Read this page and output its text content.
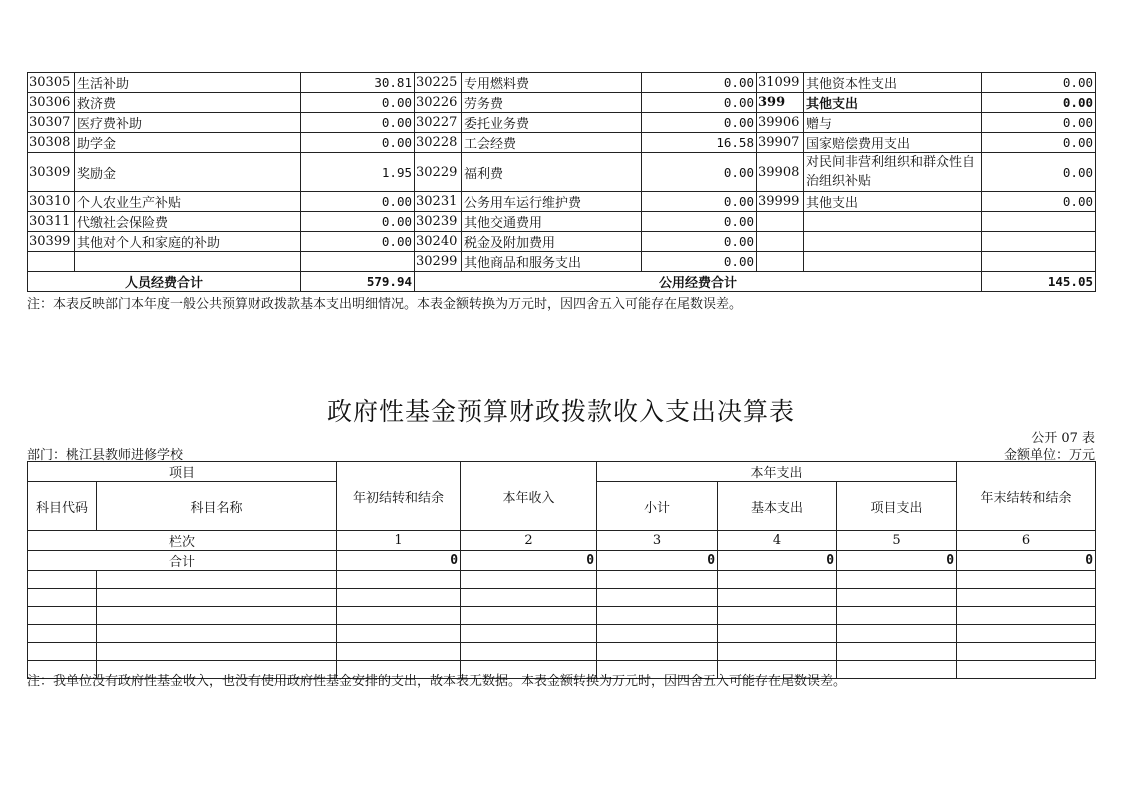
30305	生活补助	30.81	30225	专用燃料费	0.00	31099	其他资本性支出	0.00
30306	救济费	0.00	30226	劳务费	0.00	399	其他支出	0.00
30307	医疗费补助	0.00	30227	委托业务费	0.00	39906	赠与	0.00
30308	助学金	0.00	30228	工会经费	16.58	39907	国家赔偿费用支出	0.00
30309	奖励金	1.95	30229	福利费	0.00	39908	对民间非营利组织和群众性自治组织补贴	0.00
30310	个人农业生产补贴	0.00	30231	公务用车运行维护费	0.00	39999	其他支出	0.00
30311	代缴社会保险费	0.00	30239	其他交通费用	0.00			
30399	其他对个人和家庭的补助	0.00	30240	税金及附加费用	0.00			
			30299	其他商品和服务支出	0.00			
人员经费合计		579.94	公用经费合计					145.05
注：本表反映部门本年度一般公共预算财政拨款基本支出明细情况。本表金额转换为万元时，因四舍五入可能存在尾数误差。
政府性基金预算财政拨款收入支出决算表
公开 07 表
部门：桃江县教师进修学校	金额单位：万元
项目		年初结转和结余	本年收入	本年支出			年末结转和结余
科目代码	科目名称			小计	基本支出	项目支出	
栏次		1	2	3	4	5	6
合计		0	0	0	0	0	0

注：我单位没有政府性基金收入，也没有使用政府性基金安排的支出，故本表无数据。本表金额转换为万元时，因四舍五入可能存在尾数误差。
